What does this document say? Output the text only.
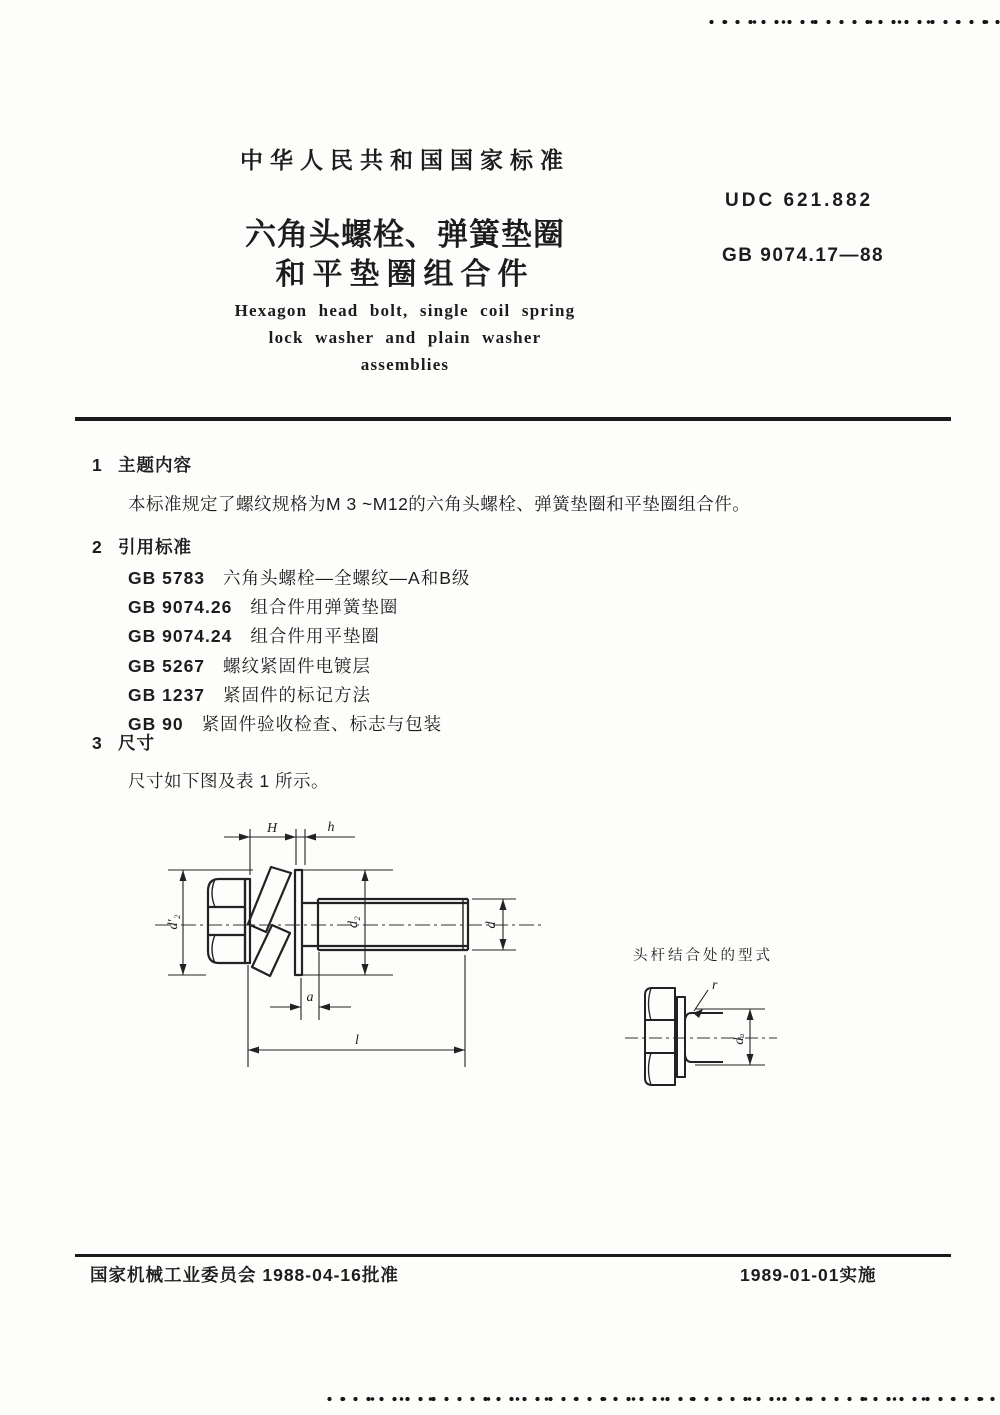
中华人民共和国国家标准
六角头螺栓、弹簧垫圈
和平垫圈组合件
UDC 621.882
GB 9074.17—88
Hexagon head bolt, single coil spring
lock washer and plain washer
assemblies
1 主题内容
本标准规定了螺纹规格为M 3 ~M12的六角头螺栓、弹簧垫圈和平垫圈组合件。
2 引用标准
GB 5783 六角头螺栓—全螺纹—A和B级
GB 9074.26 组合件用弹簧垫圈
GB 9074.24 组合件用平垫圈
GB 5267 螺纹紧固件电镀层
GB 1237 紧固件的标记方法
GB 90 紧固件验收检查、标志与包装
3 尺寸
尺寸如下图及表 1 所示。
H	h
d′₂	d₂	d
a
l
头杆结合处的型式
r
dₐ
国家机械工业委员会 1988-04-16批准	1989-01-01实施
